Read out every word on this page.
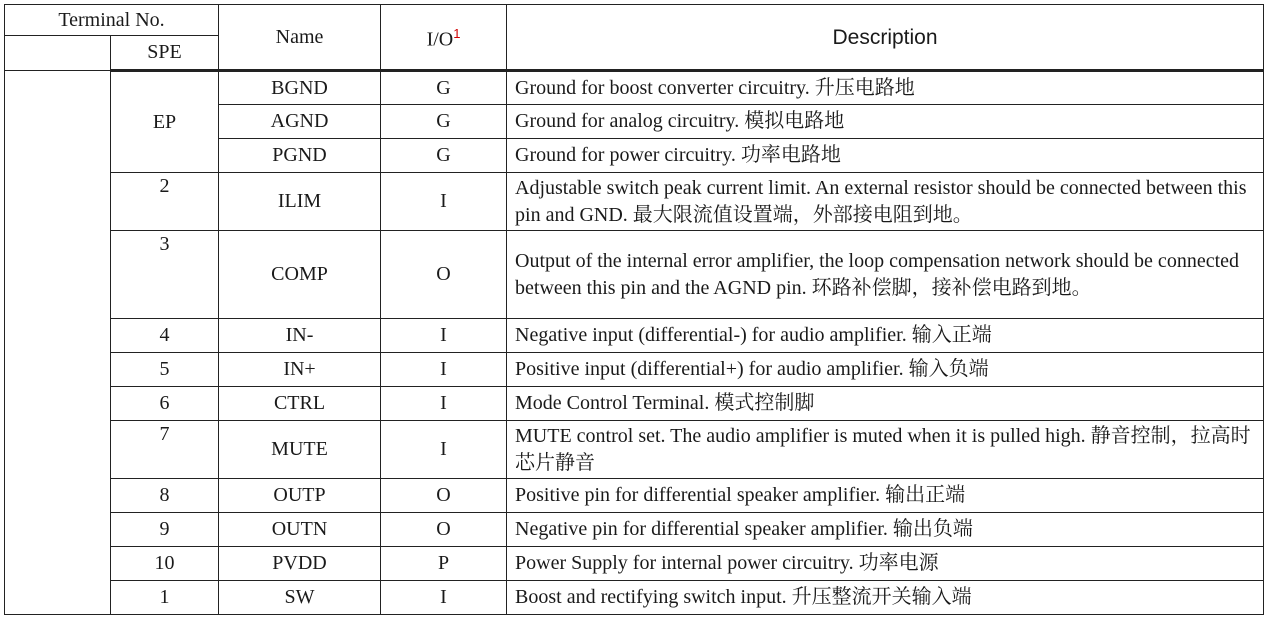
Terminal No.		Name	$I/O^1$	Description
	SPE			
	EP	BGND	G	Ground for boost converter circuitry. 升压电路地
		AGND	G	Ground for analog circuitry. 模拟电路地
		PGND	G	Ground for power circuitry. 功率电路地
	2	ILIM	I	Adjustable switch peak current limit. An external resistor should be connected between this pin and GND. 最大限流值设置端，外部接电阻到地。
	3	COMP	O	Output of the internal error amplifier, the loop compensation network should be connected between this pin and the AGND pin. 环路补偿脚，接补偿电路到地。
	4	IN-	I	Negative input (differential-) for audio amplifier. 输入正端
	5	IN+	I	Positive input (differential+) for audio amplifier. 输入负端
	6	CTRL	I	Mode Control Terminal. 模式控制脚
	7	MUTE	I	MUTE control set. The audio amplifier is muted when it is pulled high. 静音控制，拉高时芯片静音
	8	OUTP	O	Positive pin for differential speaker amplifier. 输出正端
	9	OUTN	O	Negative pin for differential speaker amplifier. 输出负端
	10	PVDD	P	Power Supply for internal power circuitry. 功率电源
	1	SW	I	Boost and rectifying switch input. 升压整流开关输入端
